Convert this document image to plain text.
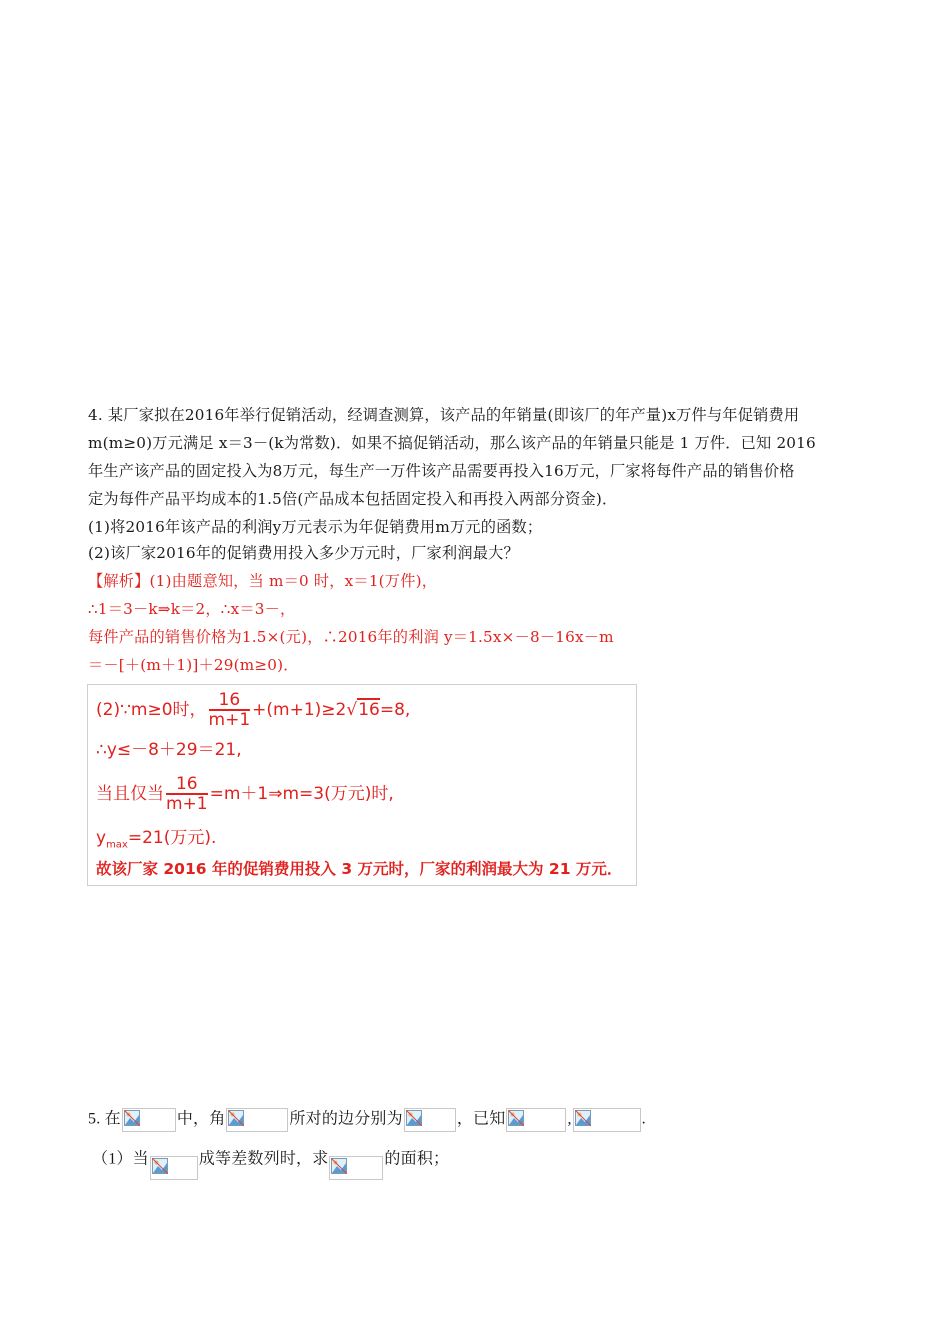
4. 某厂家拟在2016年举行促销活动，经调查测算，该产品的年销量(即该厂的年产量)x万件与年促销费用
m(m≥0)万元满足 x＝3－(k为常数)．如果不搞促销活动，那么该产品的年销量只能是 1 万件．已知 2016
年生产该产品的固定投入为8万元，每生产一万件该产品需要再投入16万元，厂家将每件产品的销售价格
定为每件产品平均成本的1.5倍(产品成本包括固定投入和再投入两部分资金)．
(1)将2016年该产品的利润y万元表示为年促销费用m万元的函数；
(2)该厂家2016年的促销费用投入多少万元时，厂家利润最大？
【解析】(1)由题意知，当 m＝0 时，x＝1(万件)，
∴1＝3－k⇒k＝2，∴x＝3－，
每件产品的销售价格为1.5×(元)，∴2016年的利润 y＝1.5x×－8－16x－m
＝－[＋(m＋1)]＋29(m≥0)．
(2)∵m≥0时， $\frac{16}{m+1} +(m+1)\ge 2√16=8$,
∴y≤－8＋29＝21,
当且仅当 $\frac{16}{m+1}$ =m＋1⇒m=3(万元)时,
$y_{max}=21$(万元).
故该厂家 2016 年的促销费用投入 3 万元时，厂家的利润最大为 21 万元．
5. 在	中，角	所对的边分别为	，已知	,	.
（1）当	成等差数列时，求	的面积；
